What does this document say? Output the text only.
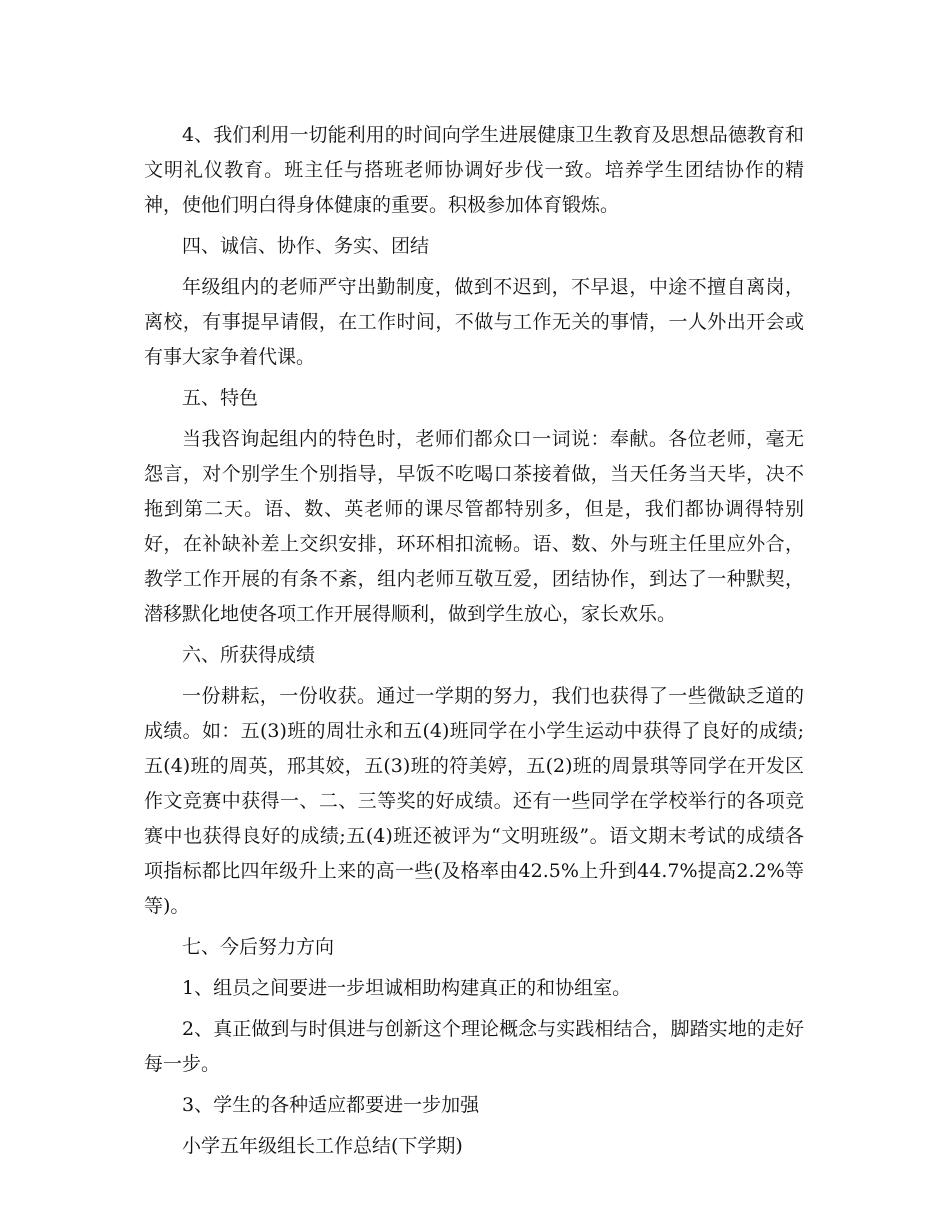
4、我们利用一切能利用的时间向学生进展健康卫生教育及思想品德教育和文明礼仪教育。班主任与搭班老师协调好步伐一致。培养学生团结协作的精神，使他们明白得身体健康的重要。积极参加体育锻炼。

四、诚信、协作、务实、团结

年级组内的老师严守出勤制度，做到不迟到，不早退，中途不擅自离岗，离校，有事提早请假，在工作时间，不做与工作无关的事情，一人外出开会或有事大家争着代课。

五、特色

当我咨询起组内的特色时，老师们都众口一词说：奉献。各位老师，毫无怨言，对个别学生个别指导，早饭不吃喝口茶接着做，当天任务当天毕，决不拖到第二天。语、数、英老师的课尽管都特别多，但是，我们都协调得特别好，在补缺补差上交织安排，环环相扣流畅。语、数、外与班主任里应外合，教学工作开展的有条不紊，组内老师互敬互爱，团结协作，到达了一种默契，潜移默化地使各项工作开展得顺利，做到学生放心，家长欢乐。

六、所获得成绩

一份耕耘，一份收获。通过一学期的努力，我们也获得了一些微缺乏道的成绩。如：五(3)班的周壮永和五(4)班同学在小学生运动中获得了良好的成绩;五(4)班的周英，邢其姣，五(3)班的符美婷，五(2)班的周景琪等同学在开发区作文竞赛中获得一、二、三等奖的好成绩。还有一些同学在学校举行的各项竞赛中也获得良好的成绩;五(4)班还被评为“文明班级”。语文期末考试的成绩各项指标都比四年级升上来的高一些(及格率由42.5%上升到44.7%提高2.2%等等)。

七、今后努力方向

1、组员之间要进一步坦诚相助构建真正的和协组室。

2、真正做到与时俱进与创新这个理论概念与实践相结合，脚踏实地的走好每一步。

3、学生的各种适应都要进一步加强

小学五年级组长工作总结(下学期)
